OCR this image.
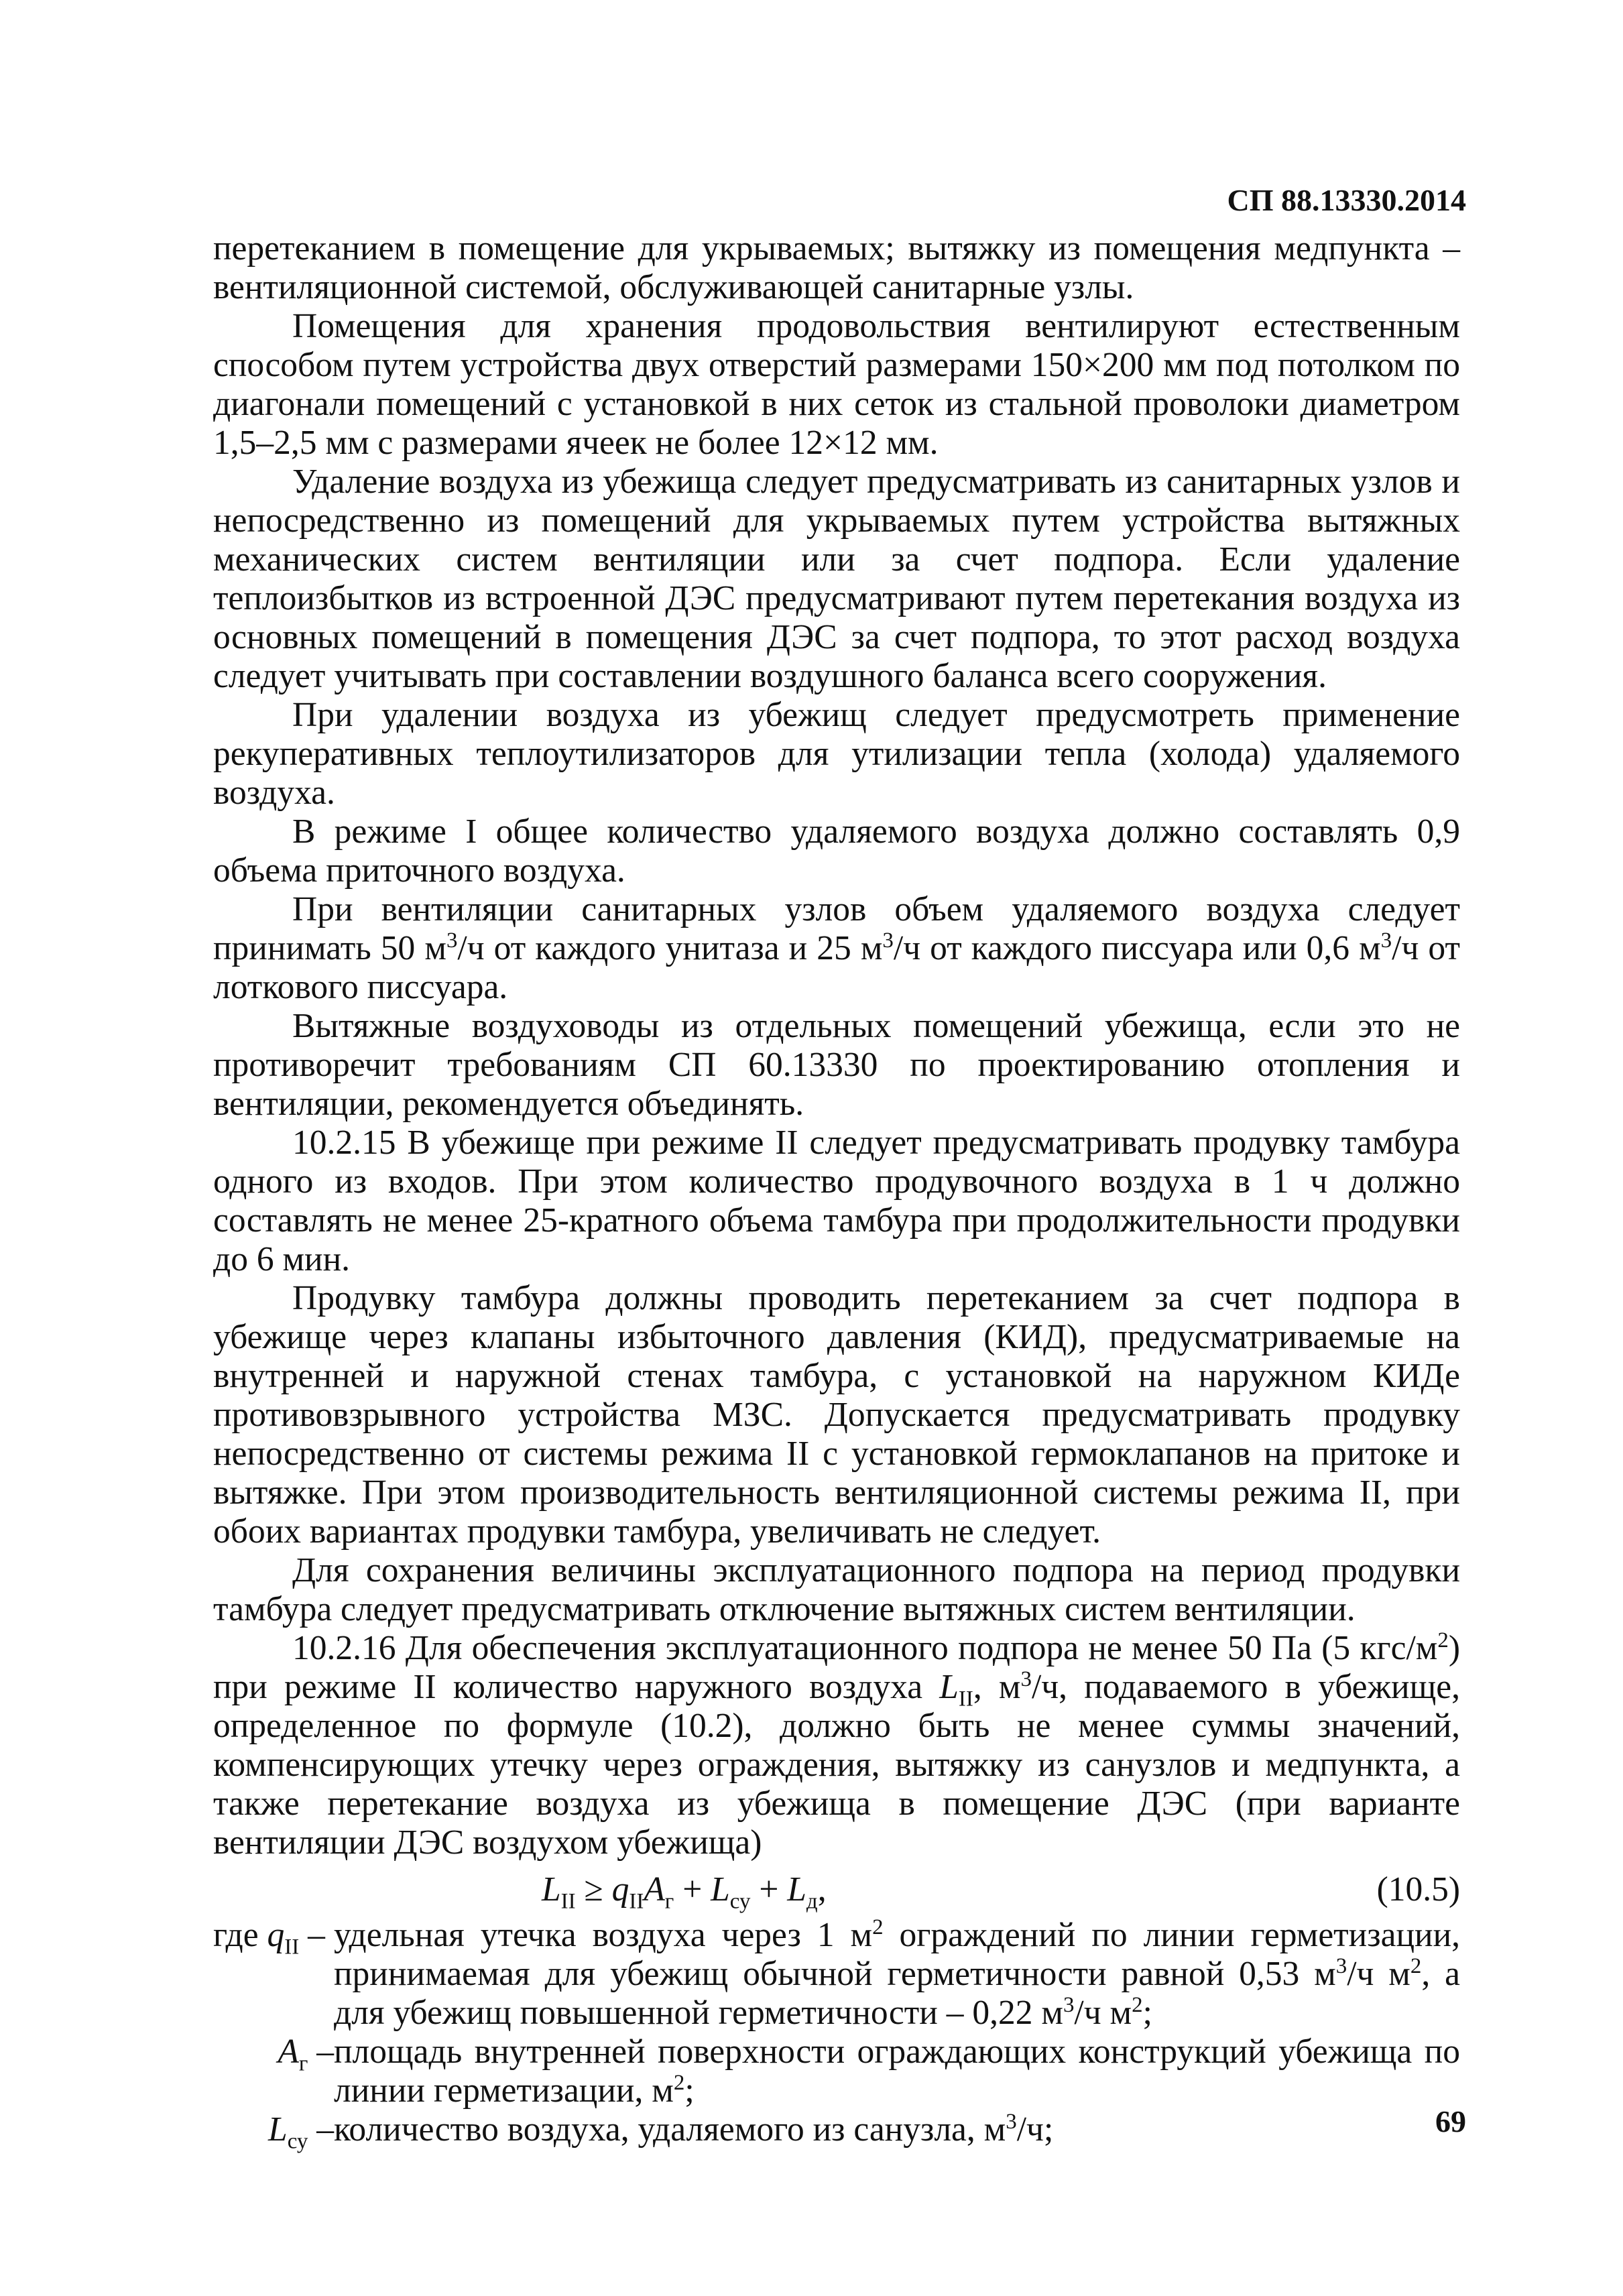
СП 88.13330.2014

перетеканием в помещение для укрываемых; вытяжку из помещения медпункта – вентиляционной системой, обслуживающей санитарные узлы.

Помещения для хранения продовольствия вентилируют естественным способом путем устройства двух отверстий размерами 150×200 мм под потолком по диагонали помещений с установкой в них сеток из стальной проволоки диаметром 1,5–2,5 мм с размерами ячеек не более 12×12 мм.

Удаление воздуха из убежища следует предусматривать из санитарных узлов и непосредственно из помещений для укрываемых путем устройства вытяжных механических систем вентиляции или за счет подпора. Если удаление теплоизбытков из встроенной ДЭС предусматривают путем перетекания воздуха из основных помещений в помещения ДЭС за счет подпора, то этот расход воздуха следует учитывать при составлении воздушного баланса всего сооружения.

При удалении воздуха из убежищ следует предусмотреть применение рекуперативных теплоутилизаторов для утилизации тепла (холода) удаляемого воздуха.

В режиме I общее количество удаляемого воздуха должно составлять 0,9 объема приточного воздуха.

При вентиляции санитарных узлов объем удаляемого воздуха следует принимать 50 $м^3/ч$ от каждого унитаза и 25 $м^3/ч$ от каждого писсуара или 0,6 $м^3/ч$ от лоткового писсуара.

Вытяжные воздуховоды из отдельных помещений убежища, если это не противоречит требованиям СП 60.13330 по проектированию отопления и вентиляции, рекомендуется объединять.

10.2.15 В убежище при режиме II следует предусматривать продувку тамбура одного из входов. При этом количество продувочного воздуха в 1 ч должно составлять не менее 25-кратного объема тамбура при продолжительности продувки до 6 мин.

Продувку тамбура должны проводить перетеканием за счет подпора в убежище через клапаны избыточного давления (КИД), предусматриваемые на внутренней и наружной стенах тамбура, с установкой на наружном КИДе противовзрывного устройства МЗС. Допускается предусматривать продувку непосредственно от системы режима II с установкой гермоклапанов на притоке и вытяжке. При этом производительность вентиляционной системы режима II, при обоих вариантах продувки тамбура, увеличивать не следует.

Для сохранения величины эксплуатационного подпора на период продувки тамбура следует предусматривать отключение вытяжных систем вентиляции.

10.2.16 Для обеспечения эксплуатационного подпора не менее 50 Па (5 кгс/$м^2$) при режиме II количество наружного воздуха $L_{II}$, $м^3/ч$, подаваемого в убежище, определенное по формуле (10.2), должно быть не менее суммы значений, компенсирующих утечку через ограждения, вытяжку из санузлов и медпункта, а также перетекание воздуха из убежища в помещение ДЭС (при варианте вентиляции ДЭС воздухом убежища)

$L_{II} \ge q_{II}A_г + L_{су} + L_д$,	(10.5)
где $q_{II}$ – удельная утечка воздуха через 1 $м^2$ ограждений по линии герметизации, принимаемая для убежищ обычной герметичности равной 0,53 $м^3/ч$ $м^2$, а для убежищ повышенной герметичности – 0,22 $м^3/ч$ $м^2$;
$A_г$ – площадь внутренней поверхности ограждающих конструкций убежища по линии герметизации, $м^2$;
$L_{су}$ – количество воздуха, удаляемого из санузла, $м^3/ч$;	69
